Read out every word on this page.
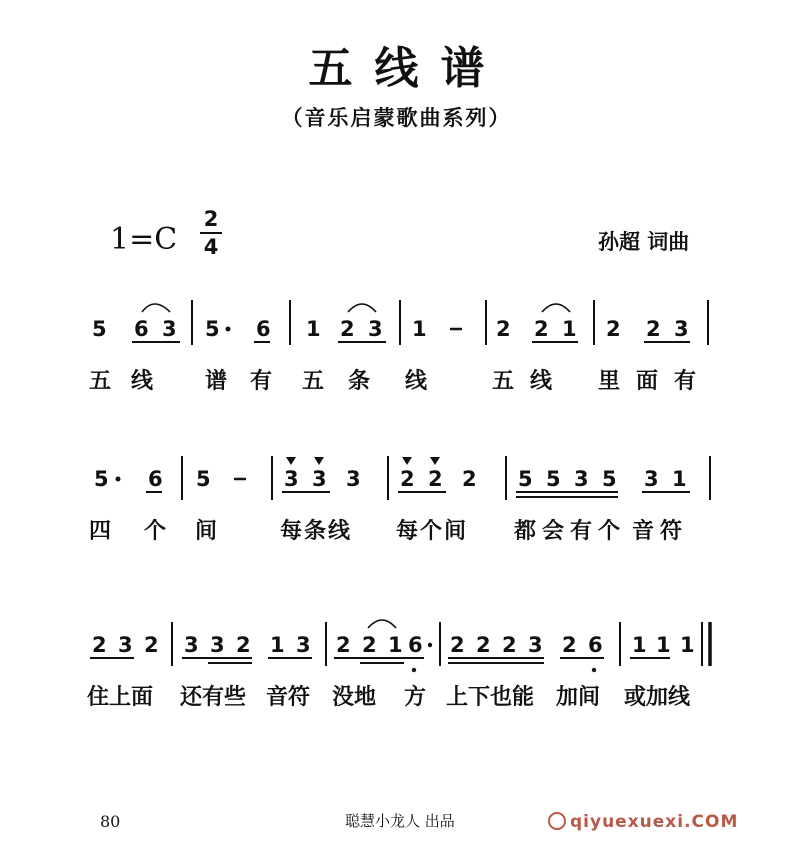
五线谱
（音乐启蒙歌曲系列）
1=C
2
4	孙超 词曲
5 6 3 5 6 1 2 3 1	2 2 1 2 2 3
5 6 5	3 3 3 2 2 2 5 5 3 5 3 1
2 3 2 3 3 2 1 3 2 2 1 6 2 2 2 3 2 6 1 1 1
五 线 谱 有 五 条 线	五 线 里 面 有
四 个 间	每条线 每个间 都会有个 音符
住上面 还有些 音符 没地 方 上下也能 加间 或加线
80	聪慧小龙人 出品	qiyuexuexi.COM
